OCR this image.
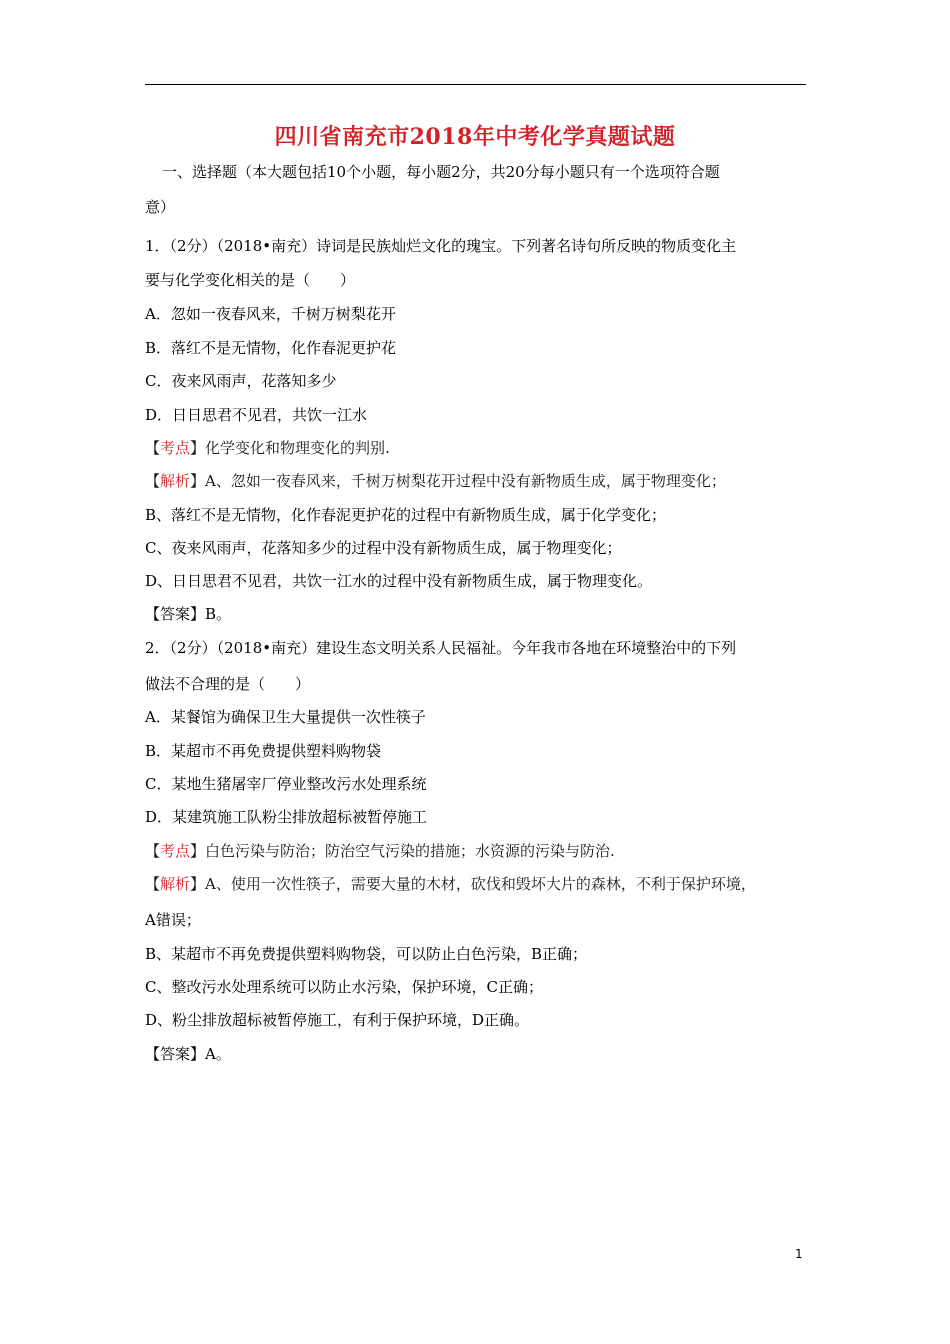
四川省南充市2018年中考化学真题试题
一、选择题（本大题包括10个小题，每小题2分，共20分每小题只有一个选项符合题
意）
1．（2分）（2018•南充）诗词是民族灿烂文化的瑰宝。下列著名诗句所反映的物质变化主
要与化学变化相关的是（　　）
A．忽如一夜春风来，千树万树梨花开
B．落红不是无情物，化作春泥更护花
C．夜来风雨声，花落知多少
D．日日思君不见君，共饮一江水
【考点】化学变化和物理变化的判别.
【解析】A、忽如一夜春风来，千树万树梨花开过程中没有新物质生成，属于物理变化；
B、落红不是无情物，化作春泥更护花的过程中有新物质生成，属于化学变化；
C、夜来风雨声，花落知多少的过程中没有新物质生成，属于物理变化；
D、日日思君不见君，共饮一江水的过程中没有新物质生成，属于物理变化。
【答案】B。
2．（2分）（2018•南充）建设生态文明关系人民福祉。今年我市各地在环境整治中的下列
做法不合理的是（　　）
A．某餐馆为确保卫生大量提供一次性筷子
B．某超市不再免费提供塑料购物袋
C．某地生猪屠宰厂停业整改污水处理系统
D．某建筑施工队粉尘排放超标被暂停施工
【考点】白色污染与防治；防治空气污染的措施；水资源的污染与防治.
【解析】A、使用一次性筷子，需要大量的木材，砍伐和毁坏大片的森林，不利于保护环境，
A错误；
B、某超市不再免费提供塑料购物袋，可以防止白色污染，B正确；
C、整改污水处理系统可以防止水污染，保护环境，C正确；
D、粉尘排放超标被暂停施工，有利于保护环境，D正确。
【答案】A。
1
